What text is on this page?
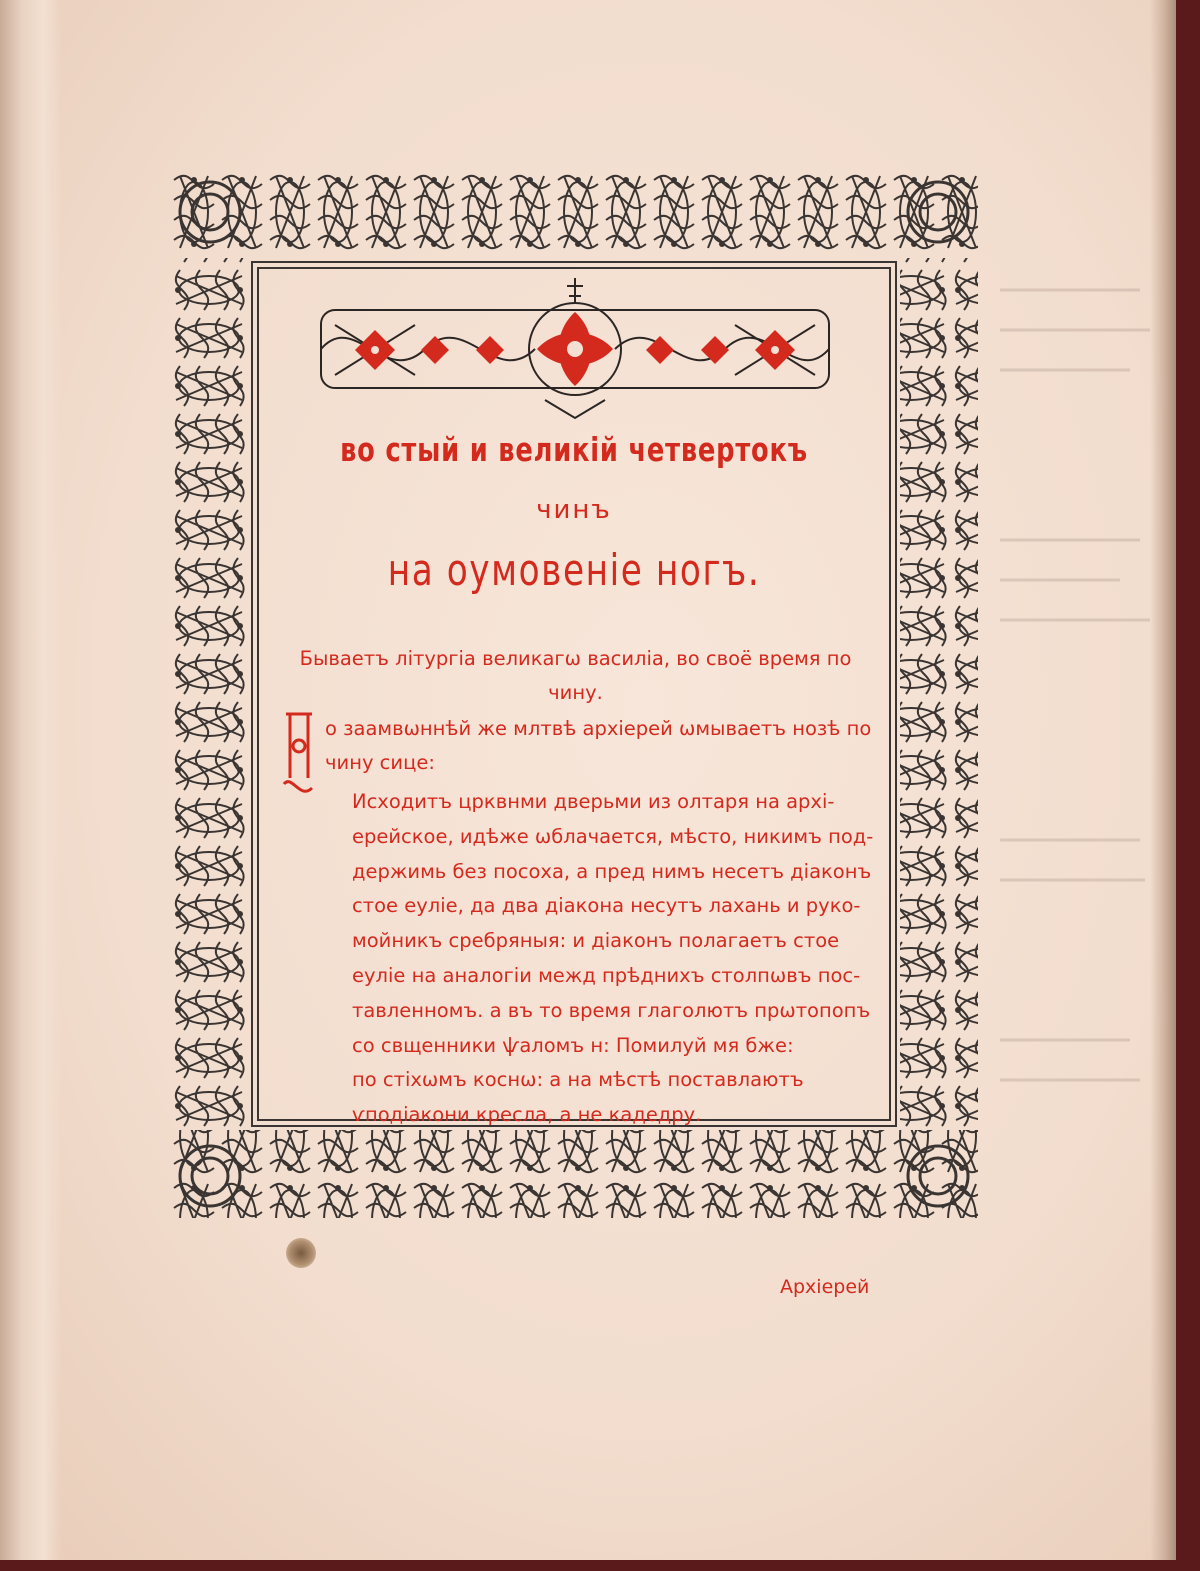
во стый и великій четвертокъ
чинъ
на оумовеніе ногъ.
Бываетъ літургіа великагѡ василіа, во своё время по чину.
П
о заамвѡннѣй же млтвѣ архіерей ѡмываетъ нозѣ по чину сице:
Исходитъ црквнми дверьми из олтаря на архі-
ерейское, идѣже ѡблачается, мѣсто, никимъ под-
держимь без посоха, а пред нимъ несетъ діаконъ
стое еуліе, да два діакона несутъ лахань и руко-
мойникъ сребряныя: и діаконъ полагаетъ стое
еуліе на аналогіи межд прѣднихъ столпѡвъ пос-
тавленномъ. а въ то время глаголютъ прѡтопопъ
со свщенники ѱаломъ н: Помилуй мя бже:
по стіхѡмъ коснѡ: а на мѣстѣ поставлаютъ
ѵподіакони кресла, а не кадедру.
Архіерей
